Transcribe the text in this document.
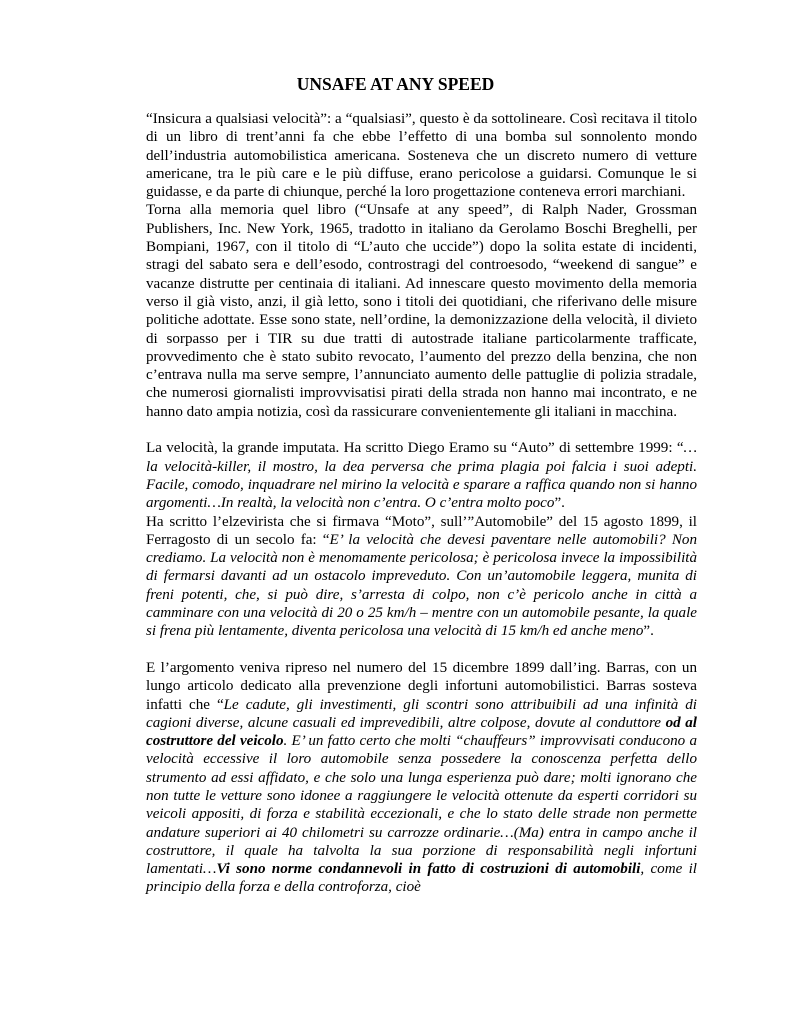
UNSAFE AT ANY SPEED

“Insicura a qualsiasi velocità”: a “qualsiasi”, questo è da sottolineare. Così recitava il titolo di un libro di trent’anni fa che ebbe l’effetto di una bomba sul sonnolento mondo dell’industria automobilistica americana. Sosteneva che un discreto numero di vetture americane, tra le più care e le più diffuse, erano pericolose a guidarsi. Comunque le si guidasse, e da parte di chiunque, perché la loro progettazione conteneva errori marchiani.

Torna alla memoria quel libro (“Unsafe at any speed”, di Ralph Nader, Grossman Publishers, Inc. New York, 1965, tradotto in italiano da Gerolamo Boschi Breghelli, per Bompiani, 1967, con il titolo di “L’auto che uccide”) dopo la solita estate di incidenti, stragi del sabato sera e dell’esodo, controstragi del controesodo, “weekend di sangue” e vacanze distrutte per centinaia di italiani. Ad innescare questo movimento della memoria verso il già visto, anzi, il già letto, sono i titoli dei quotidiani, che riferivano delle misure politiche adottate. Esse sono state, nell’ordine, la demonizzazione della velocità, il divieto di sorpasso per i TIR su due tratti di autostrade italiane particolarmente trafficate, provvedimento che è stato subito revocato, l’aumento del prezzo della benzina, che non c’entrava nulla ma serve sempre, l’annunciato aumento delle pattuglie di polizia stradale, che numerosi giornalisti improvvisatisi pirati della strada non hanno mai incontrato, e ne hanno dato ampia notizia, così da rassicurare convenientemente gli italiani in macchina.

La velocità, la grande imputata. Ha scritto Diego Eramo su “Auto” di settembre 1999: “…la velocità-killer, il mostro, la dea perversa che prima plagia poi falcia i suoi adepti. Facile, comodo, inquadrare nel mirino la velocità e sparare a raffica quando non si hanno argomenti…In realtà, la velocità non c’entra. O c’entra molto poco”.

Ha scritto l’elzevirista che si firmava “Moto”, sull’”Automobile” del 15 agosto 1899, il Ferragosto di un secolo fa: “E’ la velocità che devesi paventare nelle automobili? Non crediamo. La velocità non è menomamente pericolosa; è pericolosa invece la impossibilità di fermarsi davanti ad un ostacolo impreveduto. Con un’automobile leggera, munita di freni potenti, che, si può dire, s’arresta di colpo, non c’è pericolo anche in città a camminare con una velocità di 20 o 25 km/h – mentre con un automobile pesante, la quale si frena più lentamente, diventa pericolosa una velocità di 15 km/h ed anche meno”.

E l’argomento veniva ripreso nel numero del 15 dicembre 1899 dall’ing. Barras, con un lungo articolo dedicato alla prevenzione degli infortuni automobilistici. Barras sosteva infatti che “Le cadute, gli investimenti, gli scontri sono attribuibili ad una infinità di cagioni diverse, alcune casuali ed imprevedibili, altre colpose, dovute al conduttore od al costruttore del veicolo. E’ un fatto certo che molti “chauffeurs” improvvisati conducono a velocità eccessive il loro automobile senza possedere la conoscenza perfetta dello strumento ad essi affidato, e che solo una lunga esperienza può dare; molti ignorano che non tutte le vetture sono idonee a raggiungere le velocità ottenute da esperti corridori su veicoli appositi, di forza e stabilità eccezionali, e che lo stato delle strade non permette andature superiori ai 40 chilometri su carrozze ordinarie…(Ma) entra in campo anche il costruttore, il quale ha talvolta la sua porzione di responsabilità negli infortuni lamentati…Vi sono norme condannevoli in fatto di costruzioni di automobili, come il principio della forza e della controforza, cioè
